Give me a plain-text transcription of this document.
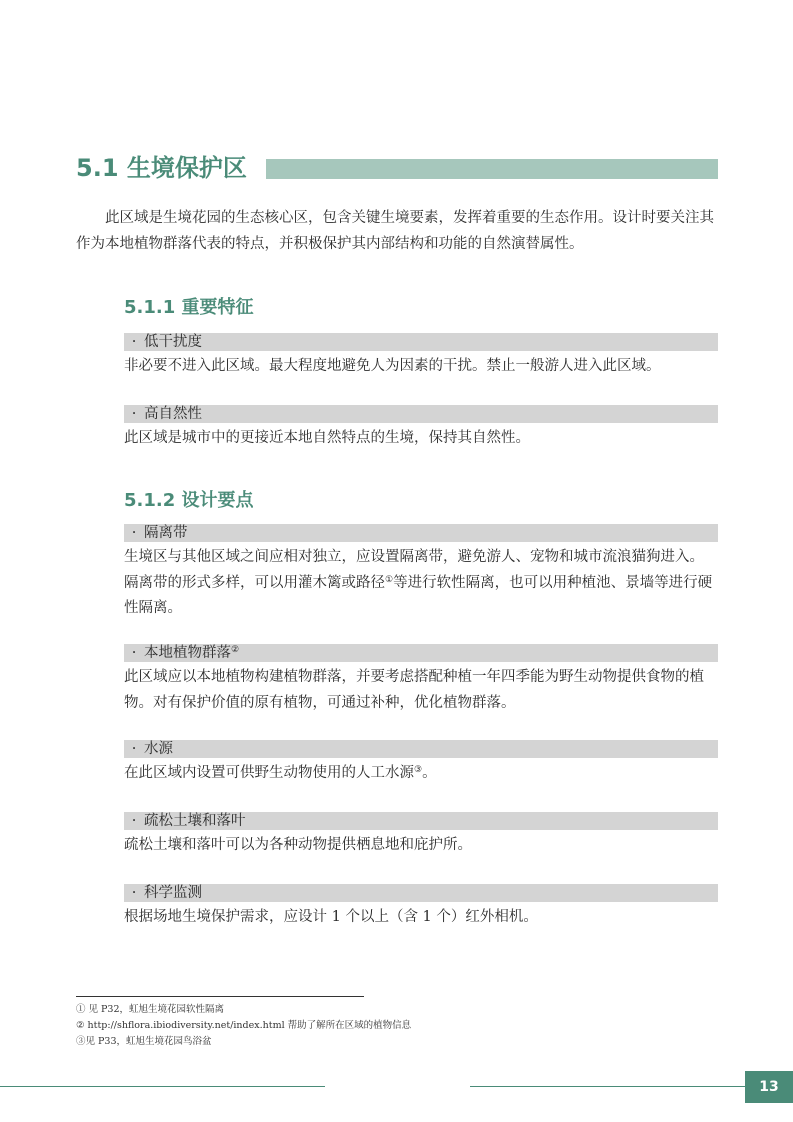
5.1 生境保护区

此区域是生境花园的生态核心区，包含关键生境要素，发挥着重要的生态作用。设计时要关注其作为本地植物群落代表的特点，并积极保护其内部结构和功能的自然演替属性。

5.1.1 重要特征
· 低干扰度

非必要不进入此区域。最大程度地避免人为因素的干扰。禁止一般游人进入此区域。

· 高自然性

此区域是城市中的更接近本地自然特点的生境，保持其自然性。

5.1.2 设计要点
· 隔离带

生境区与其他区域之间应相对独立，应设置隔离带，避免游人、宠物和城市流浪猫狗进入。隔离带的形式多样，可以用灌木篱或路径①等进行软性隔离，也可以用种植池、景墙等进行硬性隔离。

· 本地植物群落②

此区域应以本地植物构建植物群落，并要考虑搭配种植一年四季能为野生动物提供食物的植物。对有保护价值的原有植物，可通过补种，优化植物群落。

· 水源

在此区域内设置可供野生动物使用的人工水源③。

· 疏松土壤和落叶

疏松土壤和落叶可以为各种动物提供栖息地和庇护所。

· 科学监测

根据场地生境保护需求，应设计 1 个以上（含 1 个）红外相机。

① 见 P32，虹旭生境花园软性隔离
② http://shflora.ibiodiversity.net/index.html 帮助了解所在区域的植物信息
③见 P33，虹旭生境花园鸟浴盆
13
